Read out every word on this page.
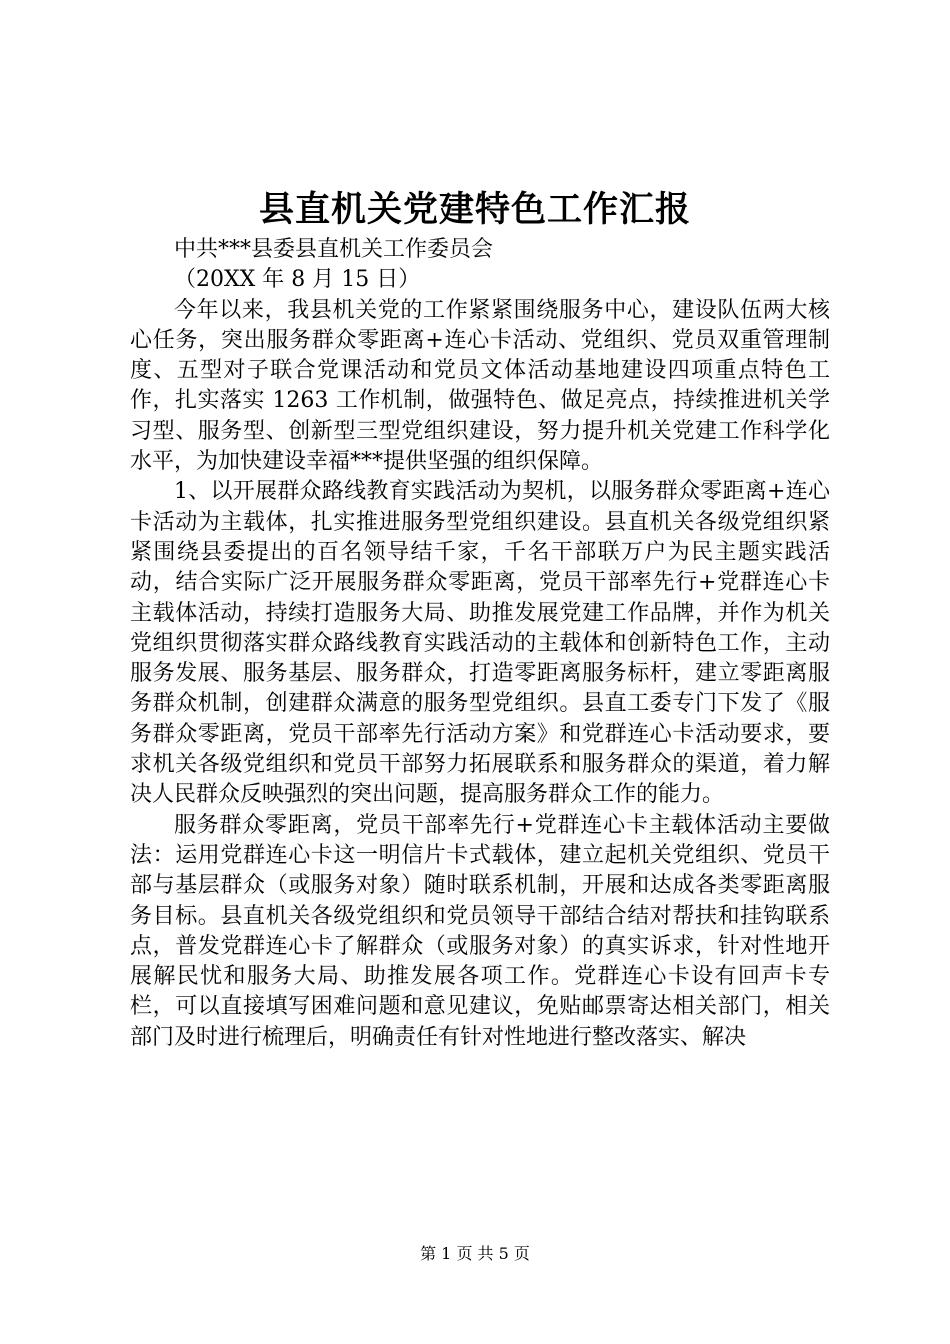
县直机关党建特色工作汇报

中共***县委县直机关工作委员会

（20XX 年 8 月 15 日）

今年以来，我县机关党的工作紧紧围绕服务中心，建设队伍两大核心任务，突出服务群众零距离+连心卡活动、党组织、党员双重管理制度、五型对子联合党课活动和党员文体活动基地建设四项重点特色工作，扎实落实 1263 工作机制，做强特色、做足亮点，持续推进机关学习型、服务型、创新型三型党组织建设，努力提升机关党建工作科学化水平，为加快建设幸福***提供坚强的组织保障。

1、以开展群众路线教育实践活动为契机，以服务群众零距离+连心卡活动为主载体，扎实推进服务型党组织建设。县直机关各级党组织紧紧围绕县委提出的百名领导结千家，千名干部联万户为民主题实践活动，结合实际广泛开展服务群众零距离，党员干部率先行+党群连心卡主载体活动，持续打造服务大局、助推发展党建工作品牌，并作为机关党组织贯彻落实群众路线教育实践活动的主载体和创新特色工作，主动服务发展、服务基层、服务群众，打造零距离服务标杆，建立零距离服务群众机制，创建群众满意的服务型党组织。县直工委专门下发了《服务群众零距离，党员干部率先行活动方案》和党群连心卡活动要求，要求机关各级党组织和党员干部努力拓展联系和服务群众的渠道，着力解决人民群众反映强烈的突出问题，提高服务群众工作的能力。

服务群众零距离，党员干部率先行+党群连心卡主载体活动主要做法：运用党群连心卡这一明信片卡式载体，建立起机关党组织、党员干部与基层群众（或服务对象）随时联系机制，开展和达成各类零距离服务目标。县直机关各级党组织和党员领导干部结合结对帮扶和挂钩联系点，普发党群连心卡了解群众（或服务对象）的真实诉求，针对性地开展解民忧和服务大局、助推发展各项工作。党群连心卡设有回声卡专栏，可以直接填写困难问题和意见建议，免贴邮票寄达相关部门，相关部门及时进行梳理后，明确责任有针对性地进行整改落实、解决

第 1 页 共 5 页
